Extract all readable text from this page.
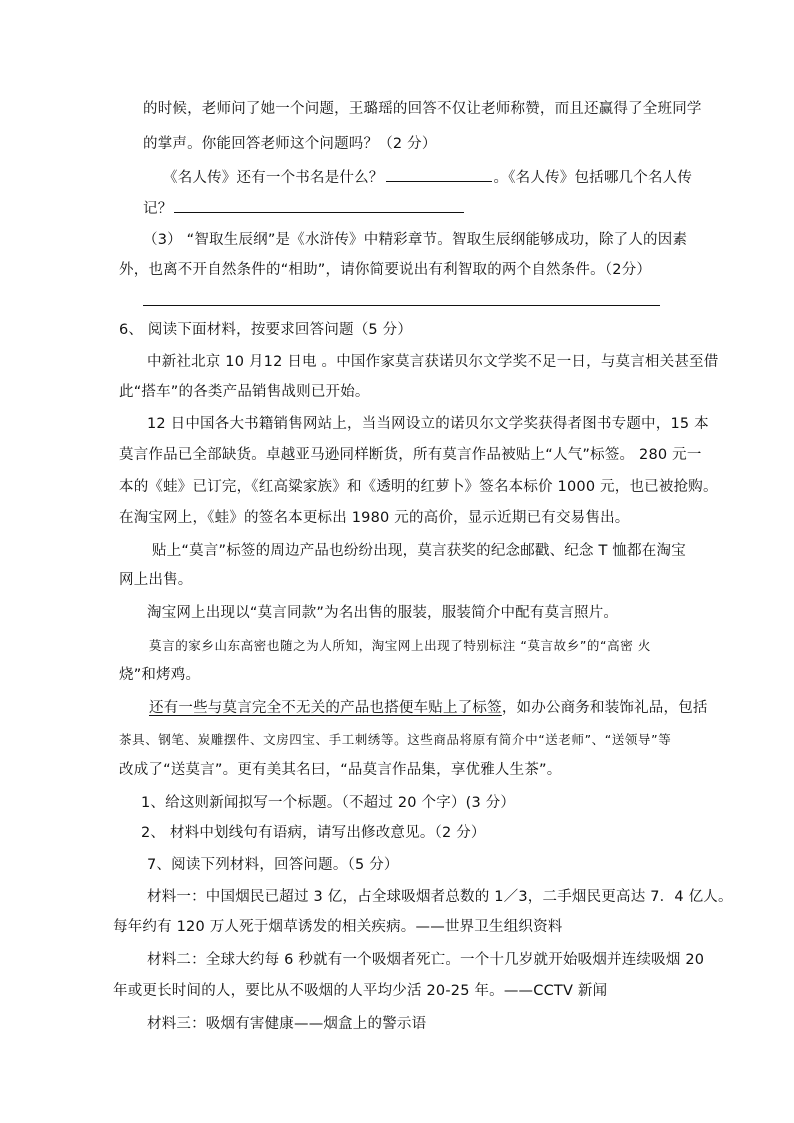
的时候，老师问了她一个问题，王璐瑶的回答不仅让老师称赞，而且还赢得了全班同学
的掌声。你能回答老师这个问题吗？（2 分）
《名人传》还有一个书名是什么？	。《名人传》包括哪几个名人传
记？
（3） “智取生辰纲”是《水浒传》中精彩章节。智取生辰纲能够成功，除了人的因素
外，也离不开自然条件的“相助”，请你简要说出有利智取的两个自然条件。（2分）
6、 阅读下面材料，按要求回答问题（5 分）
中新社北京 10 月12 日电 。中国作家莫言获诺贝尔文学奖不足一日，与莫言相关甚至借
此“搭车”的各类产品销售战则已开始。
12 日中国各大书籍销售网站上，当当网设立的诺贝尔文学奖获得者图书专题中，15 本
莫言作品已全部缺货。卓越亚马逊同样断货，所有莫言作品被贴上“人气”标签。 280 元一
本的《蛙》已订完，《红高粱家族》和《透明的红萝卜》签名本标价 1000 元，也已被抢购。
在淘宝网上，《蛙》的签名本更标出 1980 元的高价，显示近期已有交易售出。
贴上“莫言”标签的周边产品也纷纷出现，莫言获奖的纪念邮戳、纪念 T 恤都在淘宝
网上出售。
淘宝网上出现以“莫言同款”为名出售的服装，服装简介中配有莫言照片。
莫言的家乡山东高密也随之为人所知，淘宝网上出现了特别标注 “莫言故乡”的“高密 火
烧”和烤鸡。
还有一些与莫言完全不无关的产品也搭便车贴上了标签，如办公商务和装饰礼品，包括
茶具、钢笔、炭雕摆件、文房四宝、手工刺绣等。这些商品将原有简介中“送老师”、“送领导”等
改成了“送莫言”。更有美其名曰，“品莫言作品集，享优雅人生茶”。
1、给这则新闻拟写一个标题。（不超过 20 个字）(3 分）
2、 材料中划线句有语病，请写出修改意见。（2 分）
7、阅读下列材料，回答问题。（5 分）
材料一：中国烟民已超过 3 亿，占全球吸烟者总数的 1／3，二手烟民更高达 7．4 亿人。
每年约有 120 万人死于烟草诱发的相关疾病。——世界卫生组织资料
材料二：全球大约每 6 秒就有一个吸烟者死亡。一个十几岁就开始吸烟并连续吸烟 20
年或更长时间的人，要比从不吸烟的人平均少活 20-25 年。——CCTV 新闻
材料三：吸烟有害健康——烟盒上的警示语
